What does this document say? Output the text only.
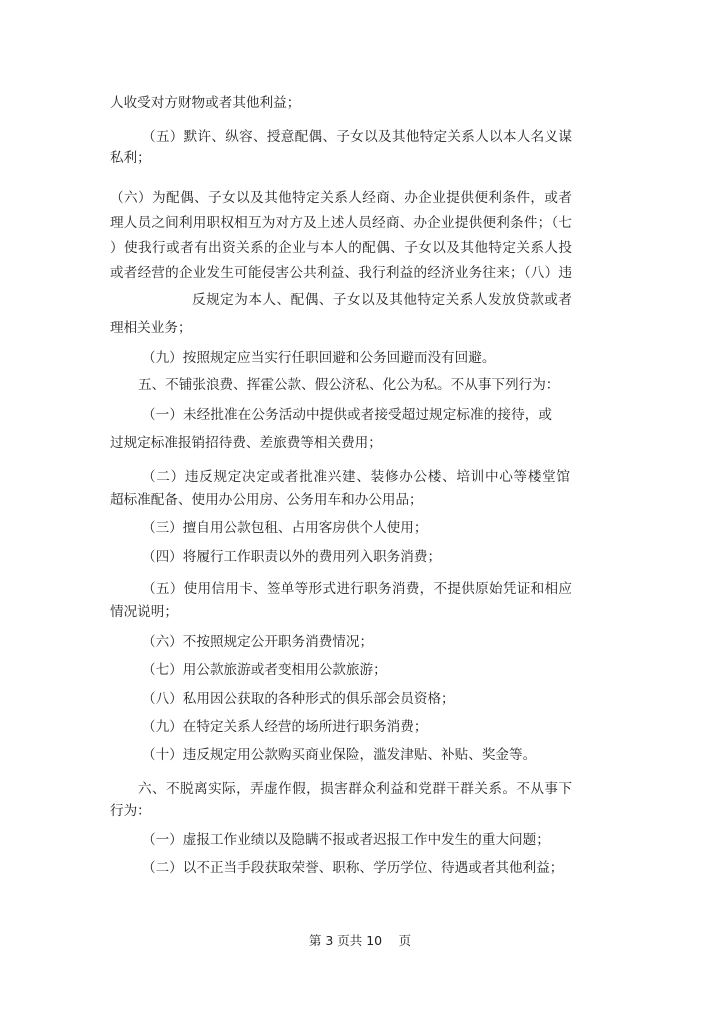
人收受对方财物或者其他利益；
（五）默许、纵容、授意配偶、子女以及其他特定关系人以本人名义谋
私利；
（六）为配偶、子女以及其他特定关系人经商、办企业提供便利条件，或者
理人员之间利用职权相互为对方及上述人员经商、办企业提供便利条件；（七
）使我行或者有出资关系的企业与本人的配偶、子女以及其他特定关系人投
或者经营的企业发生可能侵害公共利益、我行利益的经济业务往来；（八）违
反规定为本人、配偶、子女以及其他特定关系人发放贷款或者
理相关业务；
（九）按照规定应当实行任职回避和公务回避而没有回避。
五、不铺张浪费、挥霍公款、假公济私、化公为私。不从事下列行为：
（一）未经批准在公务活动中提供或者接受超过规定标准的接待，或
过规定标准报销招待费、差旅费等相关费用；
（二）违反规定决定或者批准兴建、装修办公楼、培训中心等楼堂馆
超标准配备、使用办公用房、公务用车和办公用品；
（三）擅自用公款包租、占用客房供个人使用；
（四）将履行工作职责以外的费用列入职务消费；
（五）使用信用卡、签单等形式进行职务消费，不提供原始凭证和相应
情况说明；
（六）不按照规定公开职务消费情况；
（七）用公款旅游或者变相用公款旅游；
（八）私用因公获取的各种形式的俱乐部会员资格；
（九）在特定关系人经营的场所进行职务消费；
（十）违反规定用公款购买商业保险，滥发津贴、补贴、奖金等。
六、不脱离实际，弄虚作假，损害群众利益和党群干群关系。不从事下
行为：
（一）虚报工作业绩以及隐瞒不报或者迟报工作中发生的重大问题；
（二）以不正当手段获取荣誉、职称、学历学位、待遇或者其他利益；
第 3 页共 10　 页
